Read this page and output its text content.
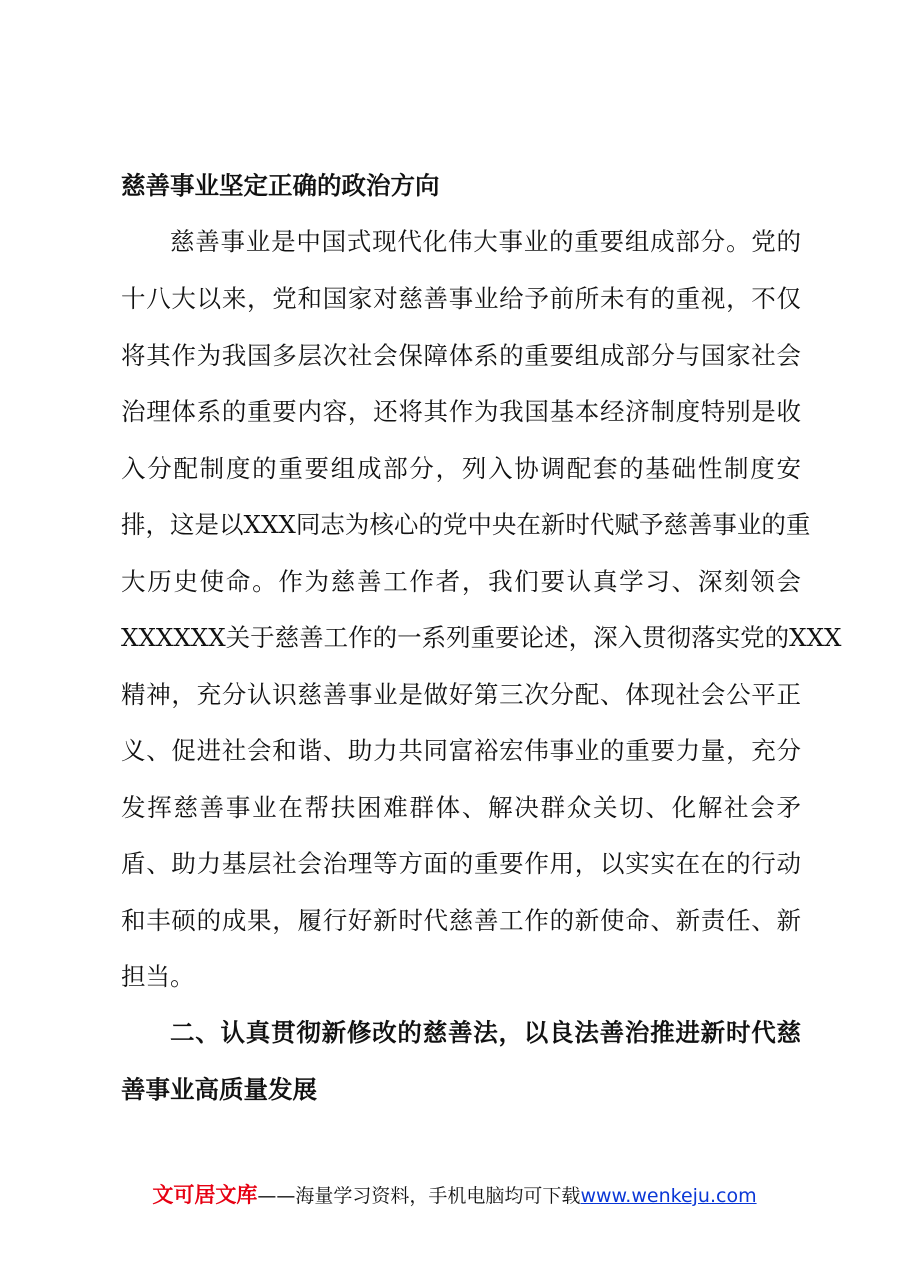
慈善事业坚定正确的政治方向
慈善事业是中国式现代化伟大事业的重要组成部分。党的
十八大以来，党和国家对慈善事业给予前所未有的重视，不仅
将其作为我国多层次社会保障体系的重要组成部分与国家社会
治理体系的重要内容，还将其作为我国基本经济制度特别是收
入分配制度的重要组成部分，列入协调配套的基础性制度安
排，这是以XXX同志为核心的党中央在新时代赋予慈善事业的重
大历史使命。作为慈善工作者，我们要认真学习、深刻领会
XXXXXX关于慈善工作的一系列重要论述，深入贯彻落实党的XXX
精神，充分认识慈善事业是做好第三次分配、体现社会公平正
义、促进社会和谐、助力共同富裕宏伟事业的重要力量，充分
发挥慈善事业在帮扶困难群体、解决群众关切、化解社会矛
盾、助力基层社会治理等方面的重要作用，以实实在在的行动
和丰硕的成果，履行好新时代慈善工作的新使命、新责任、新
担当。
二、认真贯彻新修改的慈善法，以良法善治推进新时代慈
善事业高质量发展
文可居文库——海量学习资料，手机电脑均可下载www.wenkeju.com
